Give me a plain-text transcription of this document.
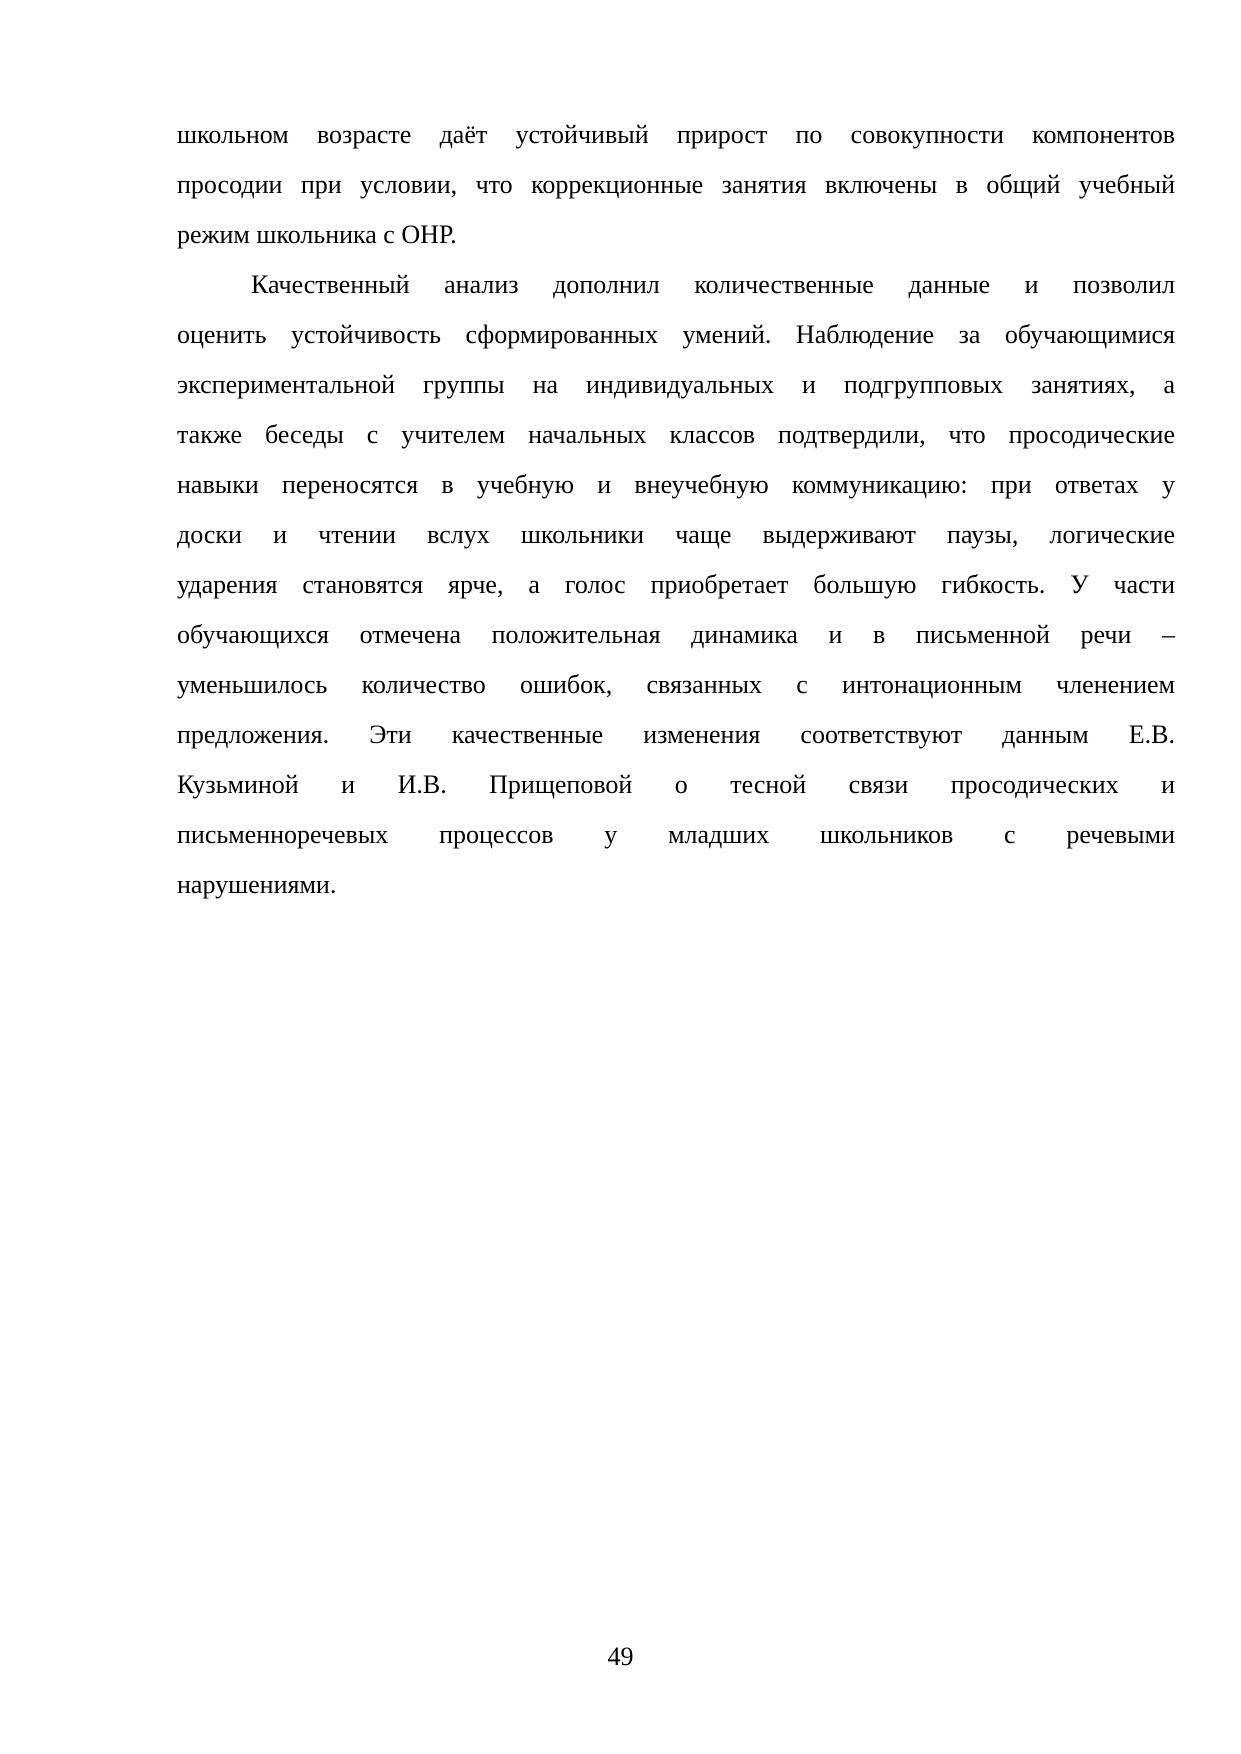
школьном возрасте даёт устойчивый прирост по совокупности компонентов
просодии при условии, что коррекционные занятия включены в общий учебный
режим школьника с ОНР.
Качественный анализ дополнил количественные данные и позволил
оценить устойчивость сформированных умений. Наблюдение за обучающимися
экспериментальной группы на индивидуальных и подгрупповых занятиях, а
также беседы с учителем начальных классов подтвердили, что просодические
навыки переносятся в учебную и внеучебную коммуникацию: при ответах у
доски и чтении вслух школьники чаще выдерживают паузы, логические
ударения становятся ярче, а голос приобретает большую гибкость. У части
обучающихся отмечена положительная динамика и в письменной речи –
уменьшилось количество ошибок, связанных с интонационным членением
предложения. Эти качественные изменения соответствуют данным Е.В.
Кузьминой и И.В. Прищеповой о тесной связи просодических и
письменноречевых процессов у младших школьников с речевыми
нарушениями.
49
